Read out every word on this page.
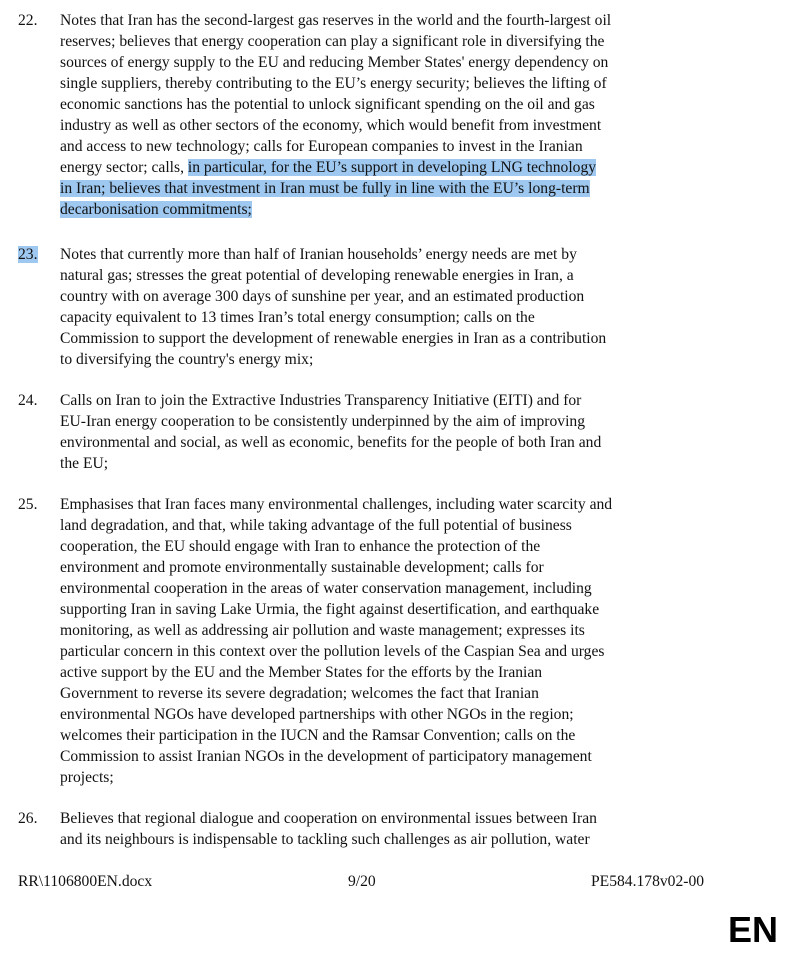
22. Notes that Iran has the second-largest gas reserves in the world and the fourth-largest oil
reserves; believes that energy cooperation can play a significant role in diversifying the
sources of energy supply to the EU and reducing Member States' energy dependency on
single suppliers, thereby contributing to the EU’s energy security; believes the lifting of
economic sanctions has the potential to unlock significant spending on the oil and gas
industry as well as other sectors of the economy, which would benefit from investment
and access to new technology; calls for European companies to invest in the Iranian
energy sector; calls, in particular, for the EU’s support in developing LNG technology
in Iran; believes that investment in Iran must be fully in line with the EU’s long-term
decarbonisation commitments;
23. Notes that currently more than half of Iranian households’ energy needs are met by
natural gas; stresses the great potential of developing renewable energies in Iran, a
country with on average 300 days of sunshine per year, and an estimated production
capacity equivalent to 13 times Iran’s total energy consumption; calls on the
Commission to support the development of renewable energies in Iran as a contribution
to diversifying the country's energy mix;
24. Calls on Iran to join the Extractive Industries Transparency Initiative (EITI) and for
EU-Iran energy cooperation to be consistently underpinned by the aim of improving
environmental and social, as well as economic, benefits for the people of both Iran and
the EU;
25. Emphasises that Iran faces many environmental challenges, including water scarcity and
land degradation, and that, while taking advantage of the full potential of business
cooperation, the EU should engage with Iran to enhance the protection of the
environment and promote environmentally sustainable development; calls for
environmental cooperation in the areas of water conservation management, including
supporting Iran in saving Lake Urmia, the fight against desertification, and earthquake
monitoring, as well as addressing air pollution and waste management; expresses its
particular concern in this context over the pollution levels of the Caspian Sea and urges
active support by the EU and the Member States for the efforts by the Iranian
Government to reverse its severe degradation; welcomes the fact that Iranian
environmental NGOs have developed partnerships with other NGOs in the region;
welcomes their participation in the IUCN and the Ramsar Convention; calls on the
Commission to assist Iranian NGOs in the development of participatory management
projects;
26. Believes that regional dialogue and cooperation on environmental issues between Iran
and its neighbours is indispensable to tackling such challenges as air pollution, water
RR\1106800EN.docx	9/20	PE584.178v02-00
EN
